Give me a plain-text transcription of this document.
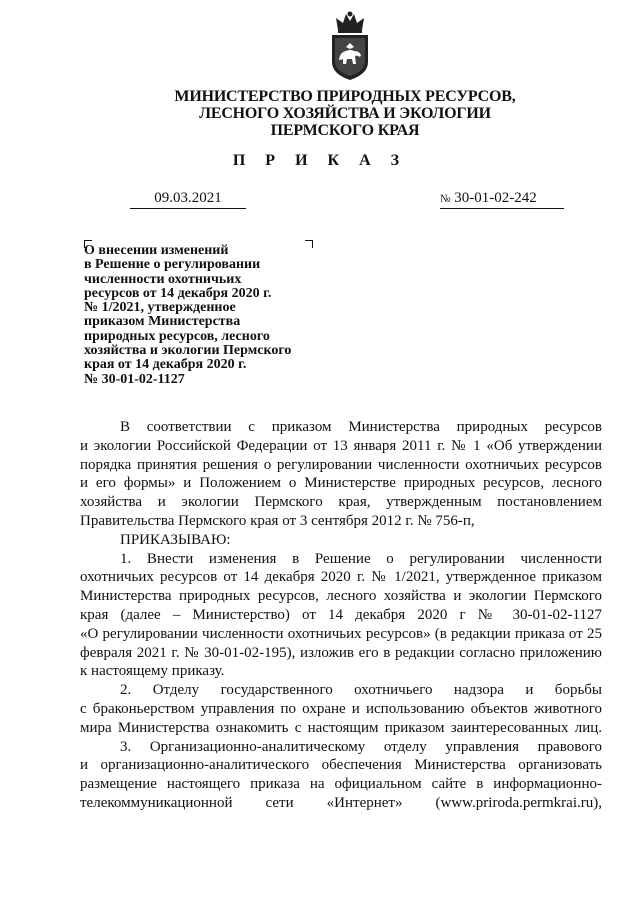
МИНИСТЕРСТВО ПРИРОДНЫХ РЕСУРСОВ,
ЛЕСНОГО ХОЗЯЙСТВА И ЭКОЛОГИИ
ПЕРМСКОГО КРАЯ
П Р И К А З
09.03.2021	№ 30-01-02-242
О внесении изменений
в Решение о регулировании
численности охотничьих
ресурсов от 14 декабря 2020 г.
№ 1/2021, утвержденное
приказом Министерства
природных ресурсов, лесного
хозяйства и экологии Пермского
края от 14 декабря 2020 г.
№ 30-01-02-1127
В соответствии с приказом Министерства природных ресурсов
и экологии Российской Федерации от 13 января 2011 г. № 1 «Об утверждении
порядка принятия решения о регулировании численности охотничьих ресурсов
и его формы» и Положением о Министерстве природных ресурсов, лесного
хозяйства и экологии Пермского края, утвержденным постановлением
Правительства Пермского края от 3 сентября 2012 г. № 756-п,
ПРИКАЗЫВАЮ:
1. Внести изменения в Решение о регулировании численности
охотничьих ресурсов от 14 декабря 2020 г. № 1/2021, утвержденное приказом
Министерства природных ресурсов, лесного хозяйства и экологии Пермского
края (далее – Министерство) от 14 декабря 2020 г № 30-01-02-1127
«О регулировании численности охотничьих ресурсов» (в редакции приказа от 25
февраля 2021 г. № 30-01-02-195), изложив его в редакции согласно приложению
к настоящему приказу.
2. Отделу государственного охотничьего надзора и борьбы
с браконьерством управления по охране и использованию объектов животного
мира Министерства ознакомить с настоящим приказом заинтересованных лиц.
3. Организационно-аналитическому отделу управления правового
и организационно-аналитического обеспечения Министерства организовать
размещение настоящего приказа на официальном сайте в информационно-
телекоммуникационной сети «Интернет» (www.priroda.permkrai.ru),
